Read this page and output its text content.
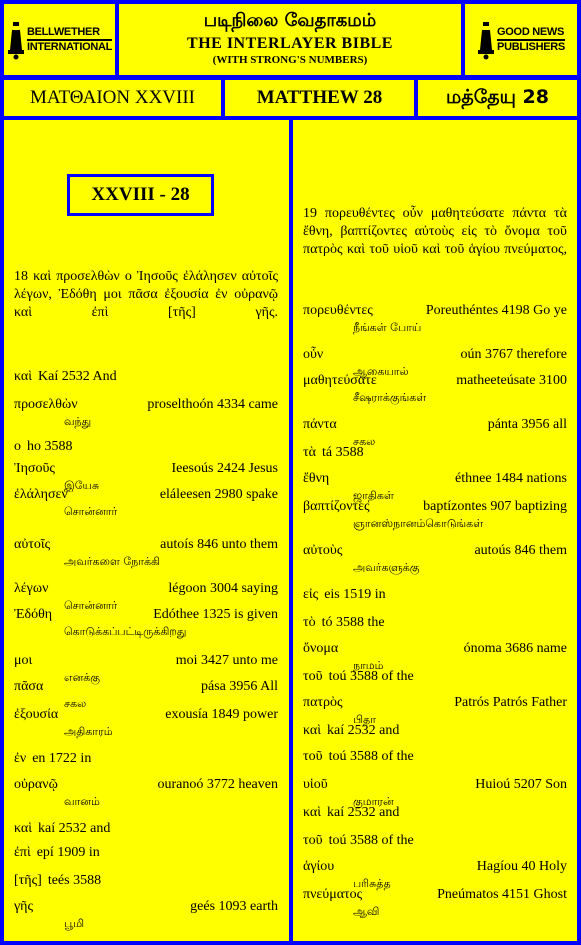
BELLWETHER
INTERNATIONAL
படிநிலை வேதாகமம்
THE INTERLAYER BIBLE
(WITH STRONG'S NUMBERS)
GOOD NEWS
PUBLISHERS
ΜΑΤΘΑΙΟΝ XXVIII	MATTHEW 28	மத்தேயு 28
XXVIII - 28
18 καὶ προσελθὼν ο Ἰησοῦς ἐλάλησεν αὐτοῖς λέγων, Ἐδόθη μοι πᾶσα ἐξουσία ἐν οὐρανῷ καὶ ἐπὶ [τῆς] γῆς.
καὶ Kaí 2532 And
προσελθὼν	proselthoón 4334 came
வந்து
ο ho 3588
Ἰησοῦς	Ieesoús 2424 Jesus
இயேசு
ἐλάλησεν	eláleesen 2980 spake
சொன்னார்
αὐτοῖς	autoís 846 unto them
அவர்களை நோக்கி
λέγων	légoon 3004 saying
சொன்னார்
Ἐδόθη	Edóthee 1325 is given
கொடுக்கப்பட்டிருக்கிறது
μοι	moi 3427 unto me
எனக்கு
πᾶσα	pása 3956 All
சகல
ἐξουσία	exousía 1849 power
அதிகாரம்
ἐν en 1722 in
οὐρανῷ	ouranoó 3772 heaven
வானம்
καὶ kaí 2532 and
ἐπὶ epí 1909 in
[τῆς] teés 3588
γῆς	geés 1093 earth
பூமி
19 πορευθέντες οὖν μαθητεύσατε πάντα τὰ ἔθνη, βαπτίζοντες αὐτοὺς εἰς τὸ ὄνομα τοῦ πατρὸς καὶ τοῦ υἱοῦ καὶ τοῦ ἁγίου πνεύματος,
πορευθέντες	Poreuthéntes 4198 Go ye
நீங்கள் போய்
οὖν	oún 3767 therefore
ஆகையால்
μαθητεύσατε	matheeteúsate 3100
சீஷராக்குங்கள்
πάντα	pánta 3956 all
சகல
τὰ tá 3588
ἔθνη	éthnee 1484 nations
ஜாதிகள்
βαπτίζοντες	baptízontes 907 baptizing
ஞானஸ்நானம்கொடுங்கள்
αὐτοὺς	autoús 846 them
அவர்களுக்கு
εἰς eis 1519 in
τὸ tó 3588 the
ὄνομα	ónoma 3686 name
நாமம்
τοῦ toú 3588 of the
πατρὸς	Patrós Patrós Father
பிதா
καὶ kaí 2532 and
τοῦ toú 3588 of the
υἱοῦ	Huioú 5207 Son
குமாரன்
καὶ kaí 2532 and
τοῦ toú 3588 of the
ἁγίου	Hagíou 40 Holy
பரிசுத்த
πνεύματος	Pneúmatos 4151 Ghost
ஆவி
